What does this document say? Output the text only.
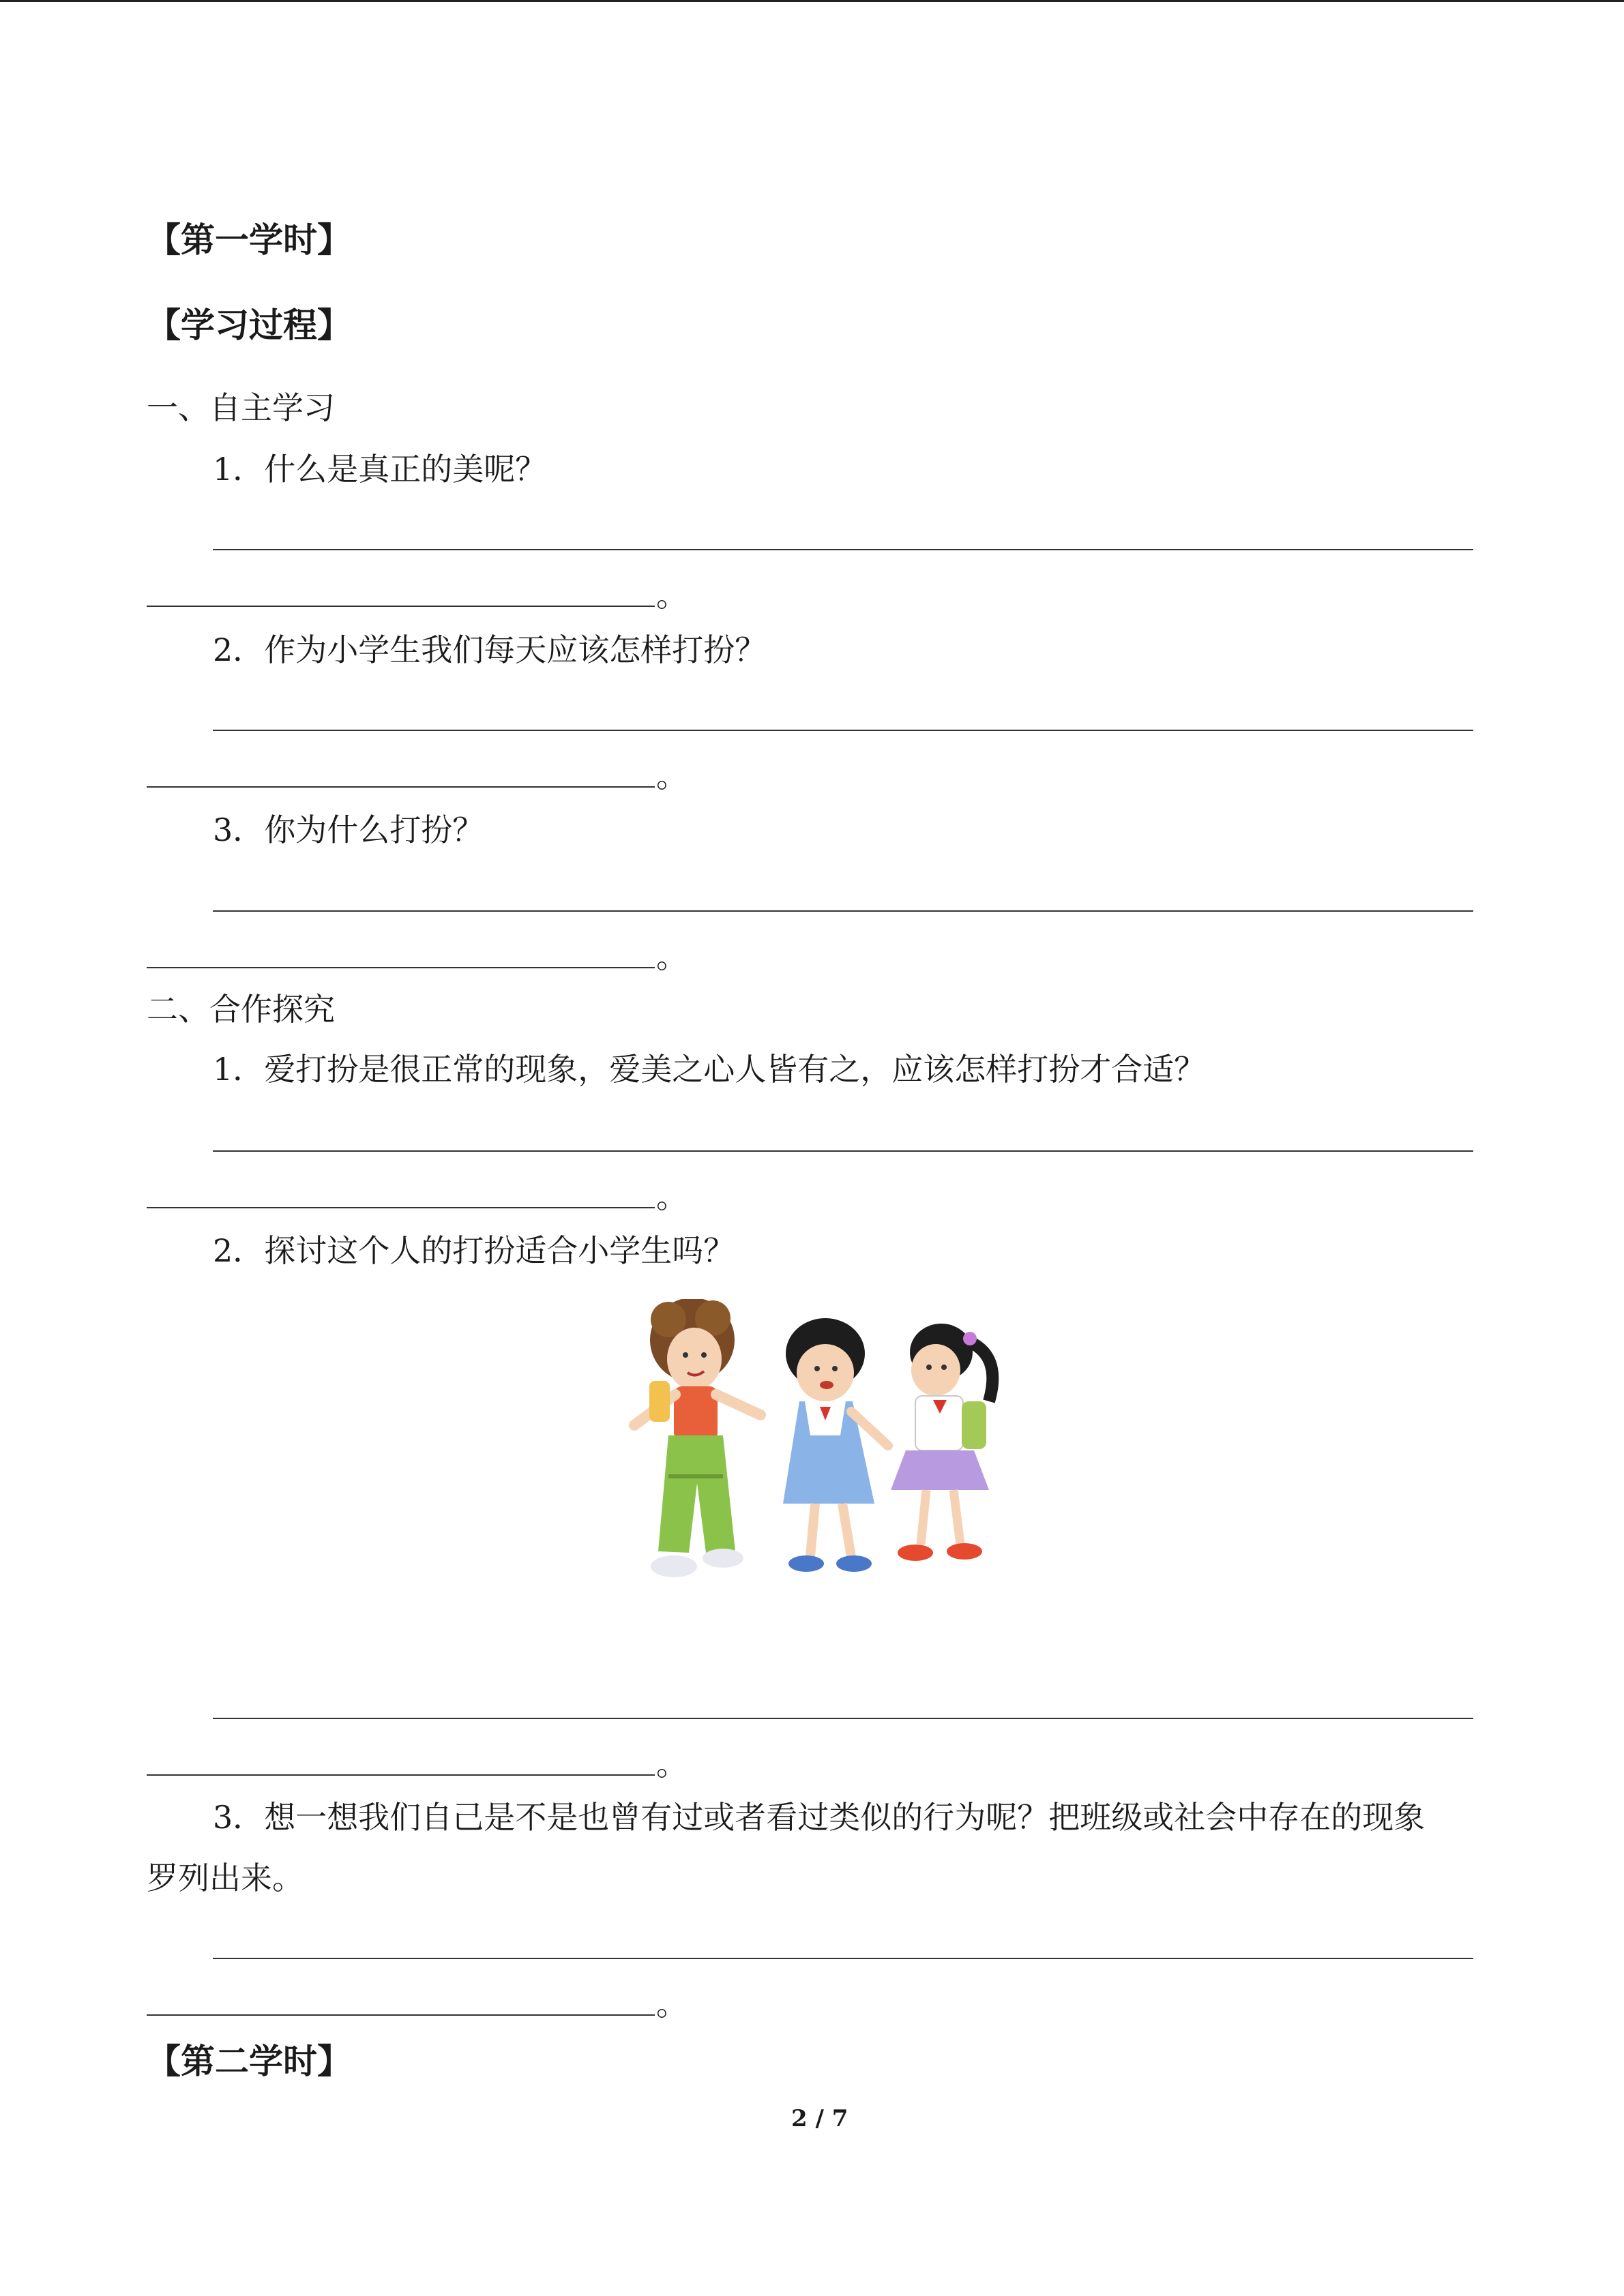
【第一学时】
【学习过程】
一、自主学习
1．什么是真正的美呢？
。
2．作为小学生我们每天应该怎样打扮？
。
3．你为什么打扮？
。
二、合作探究
1．爱打扮是很正常的现象，爱美之心人皆有之，应该怎样打扮才合适？
。
2．探讨这个人的打扮适合小学生吗？
。
3．想一想我们自己是不是也曾有过或者看过类似的行为呢？把班级或社会中存在的现象
罗列出来。
。
【第二学时】
2 / 7
